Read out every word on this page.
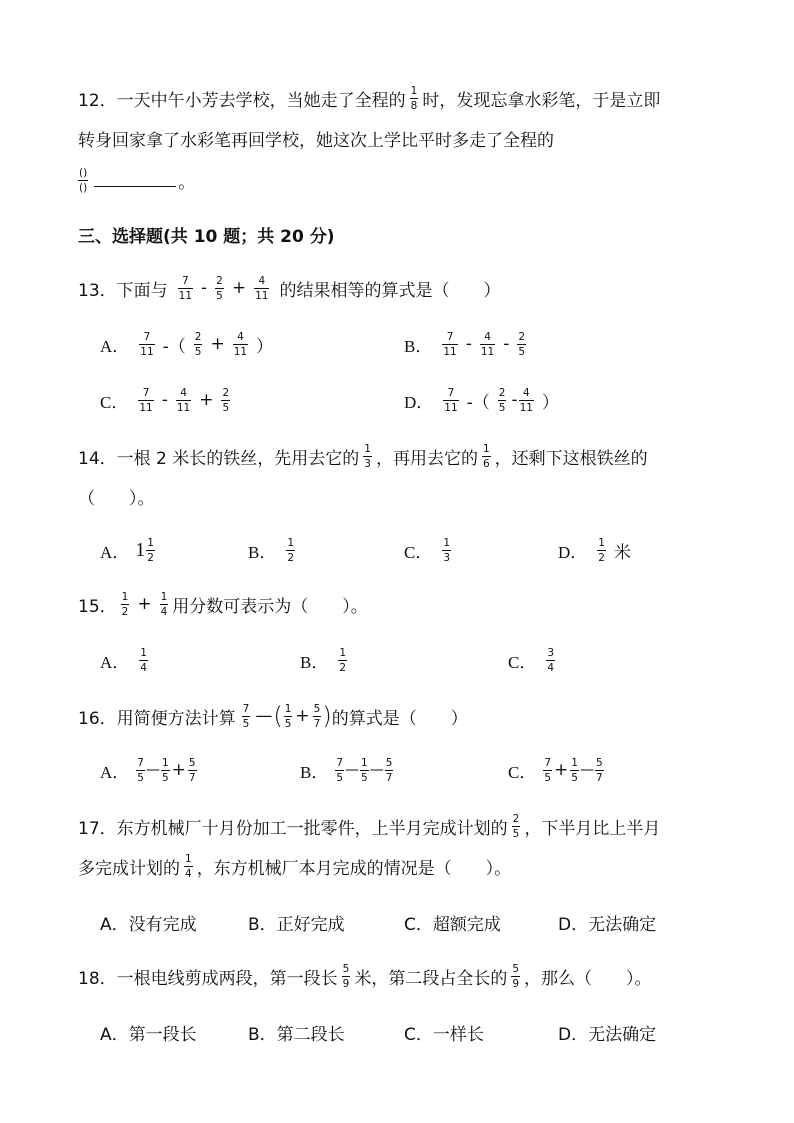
12． 一天中午小芳去学校，当她走了全程的 $\frac{1}{8}$ 时，发现忘拿水彩笔，于是立即
转身回家拿了水彩笔再回学校，她这次上学比平时多走了全程的
$\frac{()}{()}$	。
三、选择题(共 10 题；共 20 分)
13． 下面与 $\frac{7}{11} - \frac{2}{5} + \frac{4}{11}$ 的结果相等的算式是（　　）
A． $\frac{7}{11}$ -（ $\frac{2}{5} + \frac{4}{11}$ ）	B． $\frac{7}{11} - \frac{4}{11} - \frac{2}{5}$
C． $\frac{7}{11} - \frac{4}{11} + \frac{2}{5}$	D． $\frac{7}{11}$ -（ $\frac{2}{5} - \frac{4}{11}$ ）
14． 一根 2 米长的铁丝，先用去它的 $\frac{1}{3}$ ，再用去它的 $\frac{1}{6}$ ，还剩下这根铁丝的
（　　）。
A． $1 \frac{1}{2}$	B． $\frac{1}{2}$	C． $\frac{1}{3}$	D． $\frac{1}{2}$ 米
15． $\frac{1}{2} + \frac{1}{4}$ 用分数可表示为（　　）。
A． $\frac{1}{4}$	B． $\frac{1}{2}$	C． $\frac{3}{4}$
16． 用简便方法计算 $\frac{7}{5}$ — ( $\frac{1}{5} + \frac{5}{7}$ ) 的算式是（　　）
A． $\frac{7}{5}$ — $\frac{1}{5} + \frac{5}{7}$	B． $\frac{7}{5}$ — $\frac{1}{5}$ — $\frac{5}{7}$	C． $\frac{7}{5} + \frac{1}{5}$ — $\frac{5}{7}$
17． 东方机械厂十月份加工一批零件，上半月完成计划的 $\frac{2}{5}$ ，下半月比上半月
多完成计划的 $\frac{1}{4}$ ，东方机械厂本月完成的情况是（　　）。
A．没有完成	B．正好完成	C．超额完成	D．无法确定
18． 一根电线剪成两段，第一段长 $\frac{5}{9}$ 米，第二段占全长的 $\frac{5}{9}$ ，那么（　　）。
A．第一段长	B．第二段长	C．一样长	D．无法确定
